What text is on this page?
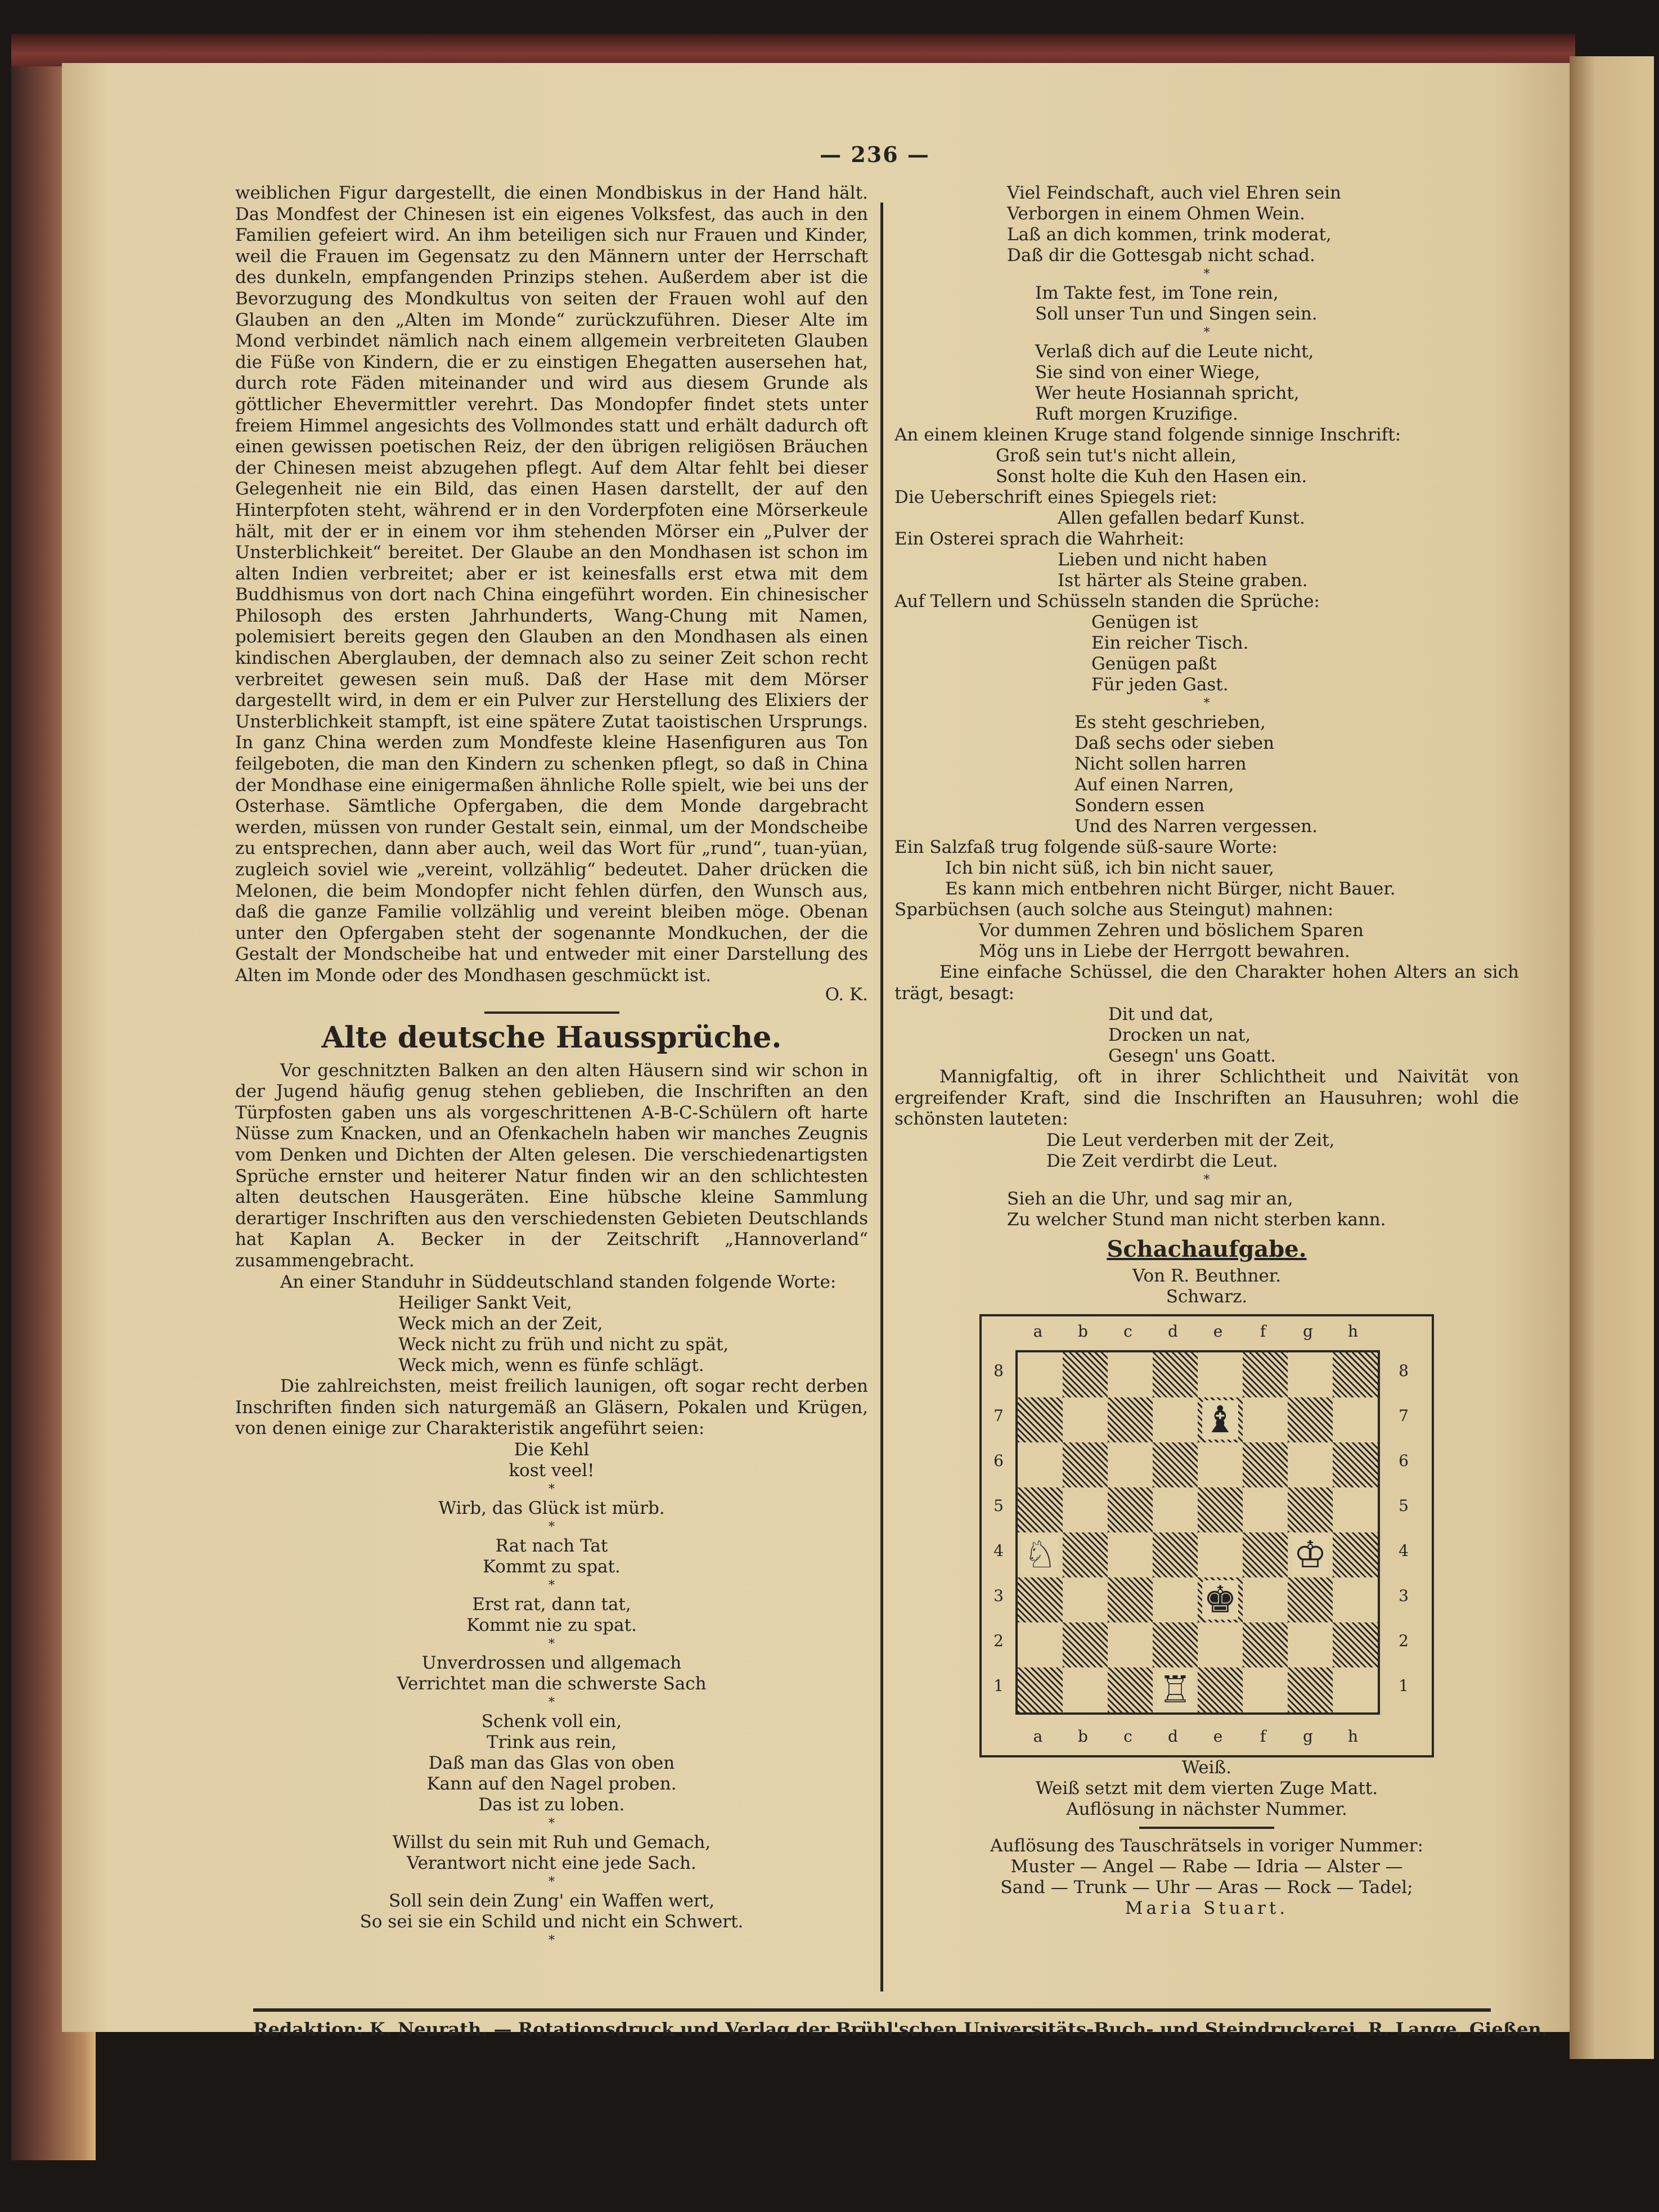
— 236 —

weiblichen Figur dargestellt, die einen Mondbiskus in der Hand hält. Das Mondfest der Chinesen ist ein eigenes Volksfest, das auch in den Familien gefeiert wird. An ihm beteiligen sich nur Frauen und Kinder, weil die Frauen im Gegensatz zu den Männern unter der Herrschaft des dunkeln, empfangenden Prinzips stehen. Außerdem aber ist die Bevorzugung des Mondkultus von seiten der Frauen wohl auf den Glauben an den „Alten im Monde“ zurückzuführen. Dieser Alte im Mond verbindet nämlich nach einem allgemein verbreiteten Glauben die Füße von Kindern, die er zu einstigen Ehegatten ausersehen hat, durch rote Fäden miteinander und wird aus diesem Grunde als göttlicher Ehevermittler verehrt. Das Mondopfer findet stets unter freiem Himmel angesichts des Vollmondes statt und erhält dadurch oft einen gewissen poetischen Reiz, der den übrigen religiösen Bräuchen der Chinesen meist abzugehen pflegt. Auf dem Altar fehlt bei dieser Gelegenheit nie ein Bild, das einen Hasen darstellt, der auf den Hinterpfoten steht, während er in den Vorderpfoten eine Mörserkeule hält, mit der er in einem vor ihm stehenden Mörser ein „Pulver der Unsterblichkeit“ bereitet. Der Glaube an den Mondhasen ist schon im alten Indien verbreitet; aber er ist keinesfalls erst etwa mit dem Buddhismus von dort nach China eingeführt worden. Ein chinesischer Philosoph des ersten Jahrhunderts, Wang-Chung mit Namen, polemisiert bereits gegen den Glauben an den Mondhasen als einen kindischen Aberglauben, der demnach also zu seiner Zeit schon recht verbreitet gewesen sein muß. Daß der Hase mit dem Mörser dargestellt wird, in dem er ein Pulver zur Herstellung des Elixiers der Unsterblichkeit stampft, ist eine spätere Zutat taoistischen Ursprungs. In ganz China werden zum Mondfeste kleine Hasenfiguren aus Ton feilgeboten, die man den Kindern zu schenken pflegt, so daß in China der Mondhase eine einigermaßen ähnliche Rolle spielt, wie bei uns der Osterhase. Sämtliche Opfergaben, die dem Monde dargebracht werden, müssen von runder Gestalt sein, einmal, um der Mondscheibe zu entsprechen, dann aber auch, weil das Wort für „rund“, tuan-yüan, zugleich soviel wie „vereint, vollzählig“ bedeutet. Daher drücken die Melonen, die beim Mondopfer nicht fehlen dürfen, den Wunsch aus, daß die ganze Familie vollzählig und vereint bleiben möge. Obenan unter den Opfergaben steht der sogenannte Mondkuchen, der die Gestalt der Mondscheibe hat und entweder mit einer Darstellung des Alten im Monde oder des Mondhasen geschmückt ist.

O. K.
Alte deutsche Haussprüche.

Vor geschnitzten Balken an den alten Häusern sind wir schon in der Jugend häufig genug stehen geblieben, die Inschriften an den Türpfosten gaben uns als vorgeschrittenen A-B-C-Schülern oft harte Nüsse zum Knacken, und an Ofenkacheln haben wir manches Zeugnis vom Denken und Dichten der Alten gelesen. Die verschiedenartigsten Sprüche ernster und heiterer Natur finden wir an den schlichtesten alten deutschen Hausgeräten. Eine hübsche kleine Sammlung derartiger Inschriften aus den verschiedensten Gebieten Deutschlands hat Kaplan A. Becker in der Zeitschrift „Hannoverland“ zusammengebracht.

An einer Standuhr in Süddeutschland standen folgende Worte:

Heiliger Sankt Veit,
Weck mich an der Zeit,
Weck nicht zu früh und nicht zu spät,
Weck mich, wenn es fünfe schlägt.

Die zahlreichsten, meist freilich launigen, oft sogar recht derben Inschriften finden sich naturgemäß an Gläsern, Pokalen und Krügen, von denen einige zur Charakteristik angeführt seien:

Die Kehl
kost veel!
*
Wirb, das Glück ist mürb.
*
Rat nach Tat
Kommt zu spat.
*
Erst rat, dann tat,
Kommt nie zu spat.
*
Unverdrossen und allgemach
Verrichtet man die schwerste Sach
*
Schenk voll ein,
Trink aus rein,
Daß man das Glas von oben
Kann auf den Nagel proben.
Das ist zu loben.
*
Willst du sein mit Ruh und Gemach,
Verantwort nicht eine jede Sach.
*
Soll sein dein Zung' ein Waffen wert,
So sei sie ein Schild und nicht ein Schwert.
*
Viel Feindschaft, auch viel Ehren sein
Verborgen in einem Ohmen Wein.
Laß an dich kommen, trink moderat,
Daß dir die Gottesgab nicht schad.
*
Im Takte fest, im Tone rein,
Soll unser Tun und Singen sein.
*
Verlaß dich auf die Leute nicht,
Sie sind von einer Wiege,
Wer heute Hosiannah spricht,
Ruft morgen Kruzifige.
An einem kleinen Kruge stand folgende sinnige Inschrift:
Groß sein tut's nicht allein,
Sonst holte die Kuh den Hasen ein.
Die Ueberschrift eines Spiegels riet:
Allen gefallen bedarf Kunst.
Ein Osterei sprach die Wahrheit:
Lieben und nicht haben
Ist härter als Steine graben.
Auf Tellern und Schüsseln standen die Sprüche:
Genügen ist
Ein reicher Tisch.
Genügen paßt
Für jeden Gast.
*
Es steht geschrieben,
Daß sechs oder sieben
Nicht sollen harren
Auf einen Narren,
Sondern essen
Und des Narren vergessen.
Ein Salzfaß trug folgende süß-saure Worte:
Ich bin nicht süß, ich bin nicht sauer,
Es kann mich entbehren nicht Bürger, nicht Bauer.
Sparbüchsen (auch solche aus Steingut) mahnen:
Vor dummen Zehren und böslichem Sparen
Mög uns in Liebe der Herrgott bewahren.

Eine einfache Schüssel, die den Charakter hohen Alters an sich trägt, besagt:

Dit und dat,
Drocken un nat,
Gesegn' uns Goatt.

Mannigfaltig, oft in ihrer Schlichtheit und Naivität von ergreifender Kraft, sind die Inschriften an Hausuhren; wohl die schönsten lauteten:

Die Leut verderben mit der Zeit,
Die Zeit verdirbt die Leut.
*
Sieh an die Uhr, und sag mir an,
Zu welcher Stund man nicht sterben kann.
Schachaufgabe.
Von R. Beuthner.
Schwarz.
a	b	c	d	e	f	g	h
a	b	c	d	e	f	g	h
8
7
6
5
4
3
2
1
8
7
6
5
4
3
2
1
♝
♘	♔
♚
♖
Weiß.
Weiß setzt mit dem vierten Zuge Matt.
Auflösung in nächster Nummer.
Auflösung des Tauschrätsels in voriger Nummer:
Muster — Angel — Rabe — Idria — Alster —
Sand — Trunk — Uhr — Aras — Rock — Tadel;
Maria Stuart.
Redaktion: K. Neurath. — Rotationsdruck und Verlag der Brühl'schen Universitäts-Buch- und Steindruckerei, R. Lange, Gießen.
